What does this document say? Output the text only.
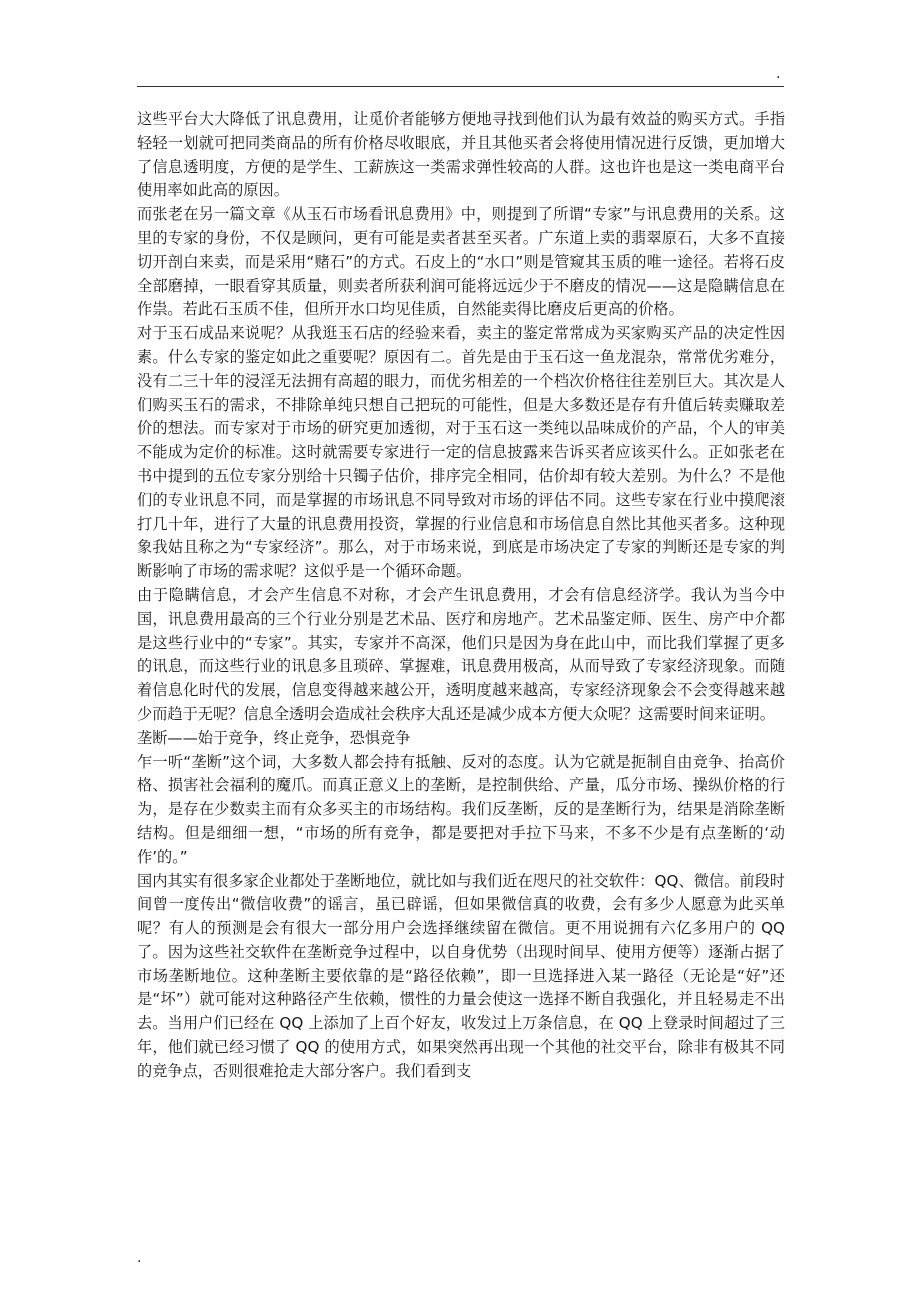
.

这些平台大大降低了讯息费用，让觅价者能够方便地寻找到他们认为最有效益的购买方式。手指轻轻一划就可把同类商品的所有价格尽收眼底，并且其他买者会将使用情况进行反馈，更加增大了信息透明度，方便的是学生、工薪族这一类需求弹性较高的人群。这也许也是这一类电商平台使用率如此高的原因。

而张老在另一篇文章《从玉石市场看讯息费用》中，则提到了所谓“专家”与讯息费用的关系。这里的专家的身份，不仅是顾问，更有可能是卖者甚至买者。广东道上卖的翡翠原石，大多不直接切开剖白来卖，而是采用“赌石”的方式。石皮上的“水口”则是管窥其玉质的唯一途径。若将石皮全部磨掉，一眼看穿其质量，则卖者所获利润可能将远远少于不磨皮的情况——这是隐瞒信息在作祟。若此石玉质不佳，但所开水口均见佳质，自然能卖得比磨皮后更高的价格。

对于玉石成品来说呢？从我逛玉石店的经验来看，卖主的鉴定常常成为买家购买产品的决定性因素。什么专家的鉴定如此之重要呢？原因有二。首先是由于玉石这一鱼龙混杂，常常优劣难分，没有二三十年的浸淫无法拥有高超的眼力，而优劣相差的一个档次价格往往差别巨大。其次是人们购买玉石的需求，不排除单纯只想自己把玩的可能性，但是大多数还是存有升值后转卖赚取差价的想法。而专家对于市场的研究更加透彻，对于玉石这一类纯以品味成价的产品，个人的审美不能成为定价的标准。这时就需要专家进行一定的信息披露来告诉买者应该买什么。正如张老在书中提到的五位专家分别给十只镯子估价，排序完全相同，估价却有较大差别。为什么？不是他们的专业讯息不同，而是掌握的市场讯息不同导致对市场的评估不同。这些专家在行业中摸爬滚打几十年，进行了大量的讯息费用投资，掌握的行业信息和市场信息自然比其他买者多。这种现象我姑且称之为“专家经济”。那么，对于市场来说，到底是市场决定了专家的判断还是专家的判断影响了市场的需求呢？这似乎是一个循环命题。

由于隐瞒信息，才会产生信息不对称，才会产生讯息费用，才会有信息经济学。我认为当今中国，讯息费用最高的三个行业分别是艺术品、医疗和房地产。艺术品鉴定师、医生、房产中介都是这些行业中的“专家”。其实，专家并不高深，他们只是因为身在此山中，而比我们掌握了更多的讯息，而这些行业的讯息多且琐碎、掌握难，讯息费用极高，从而导致了专家经济现象。而随着信息化时代的发展，信息变得越来越公开，透明度越来越高，专家经济现象会不会变得越来越少而趋于无呢？信息全透明会造成社会秩序大乱还是减少成本方便大众呢？这需要时间来证明。

垄断——始于竞争，终止竞争，恐惧竞争

乍一听“垄断”这个词，大多数人都会持有抵触、反对的态度。认为它就是扼制自由竞争、抬高价格、损害社会福利的魔爪。而真正意义上的垄断，是控制供给、产量，瓜分市场、操纵价格的行为，是存在少数卖主而有众多买主的市场结构。我们反垄断，反的是垄断行为，结果是消除垄断结构。但是细细一想，“市场的所有竞争，都是要把对手拉下马来，不多不少是有点垄断的‘动作’的。”

国内其实有很多家企业都处于垄断地位，就比如与我们近在咫尺的社交软件：QQ、微信。前段时间曾一度传出“微信收费”的谣言，虽已辟谣，但如果微信真的收费，会有多少人愿意为此买单呢？有人的预测是会有很大一部分用户会选择继续留在微信。更不用说拥有六亿多用户的 QQ 了。因为这些社交软件在垄断竞争过程中，以自身优势（出现时间早、使用方便等）逐渐占据了市场垄断地位。这种垄断主要依靠的是“路径依赖”，即一旦选择进入某一路径（无论是“好”还是“坏”）就可能对这种路径产生依赖，惯性的力量会使这一选择不断自我强化，并且轻易走不出去。当用户们已经在 QQ 上添加了上百个好友，收发过上万条信息，在 QQ 上登录时间超过了三年，他们就已经习惯了 QQ 的使用方式，如果突然再出现一个其他的社交平台，除非有极其不同的竞争点，否则很难抢走大部分客户。我们看到支

.
